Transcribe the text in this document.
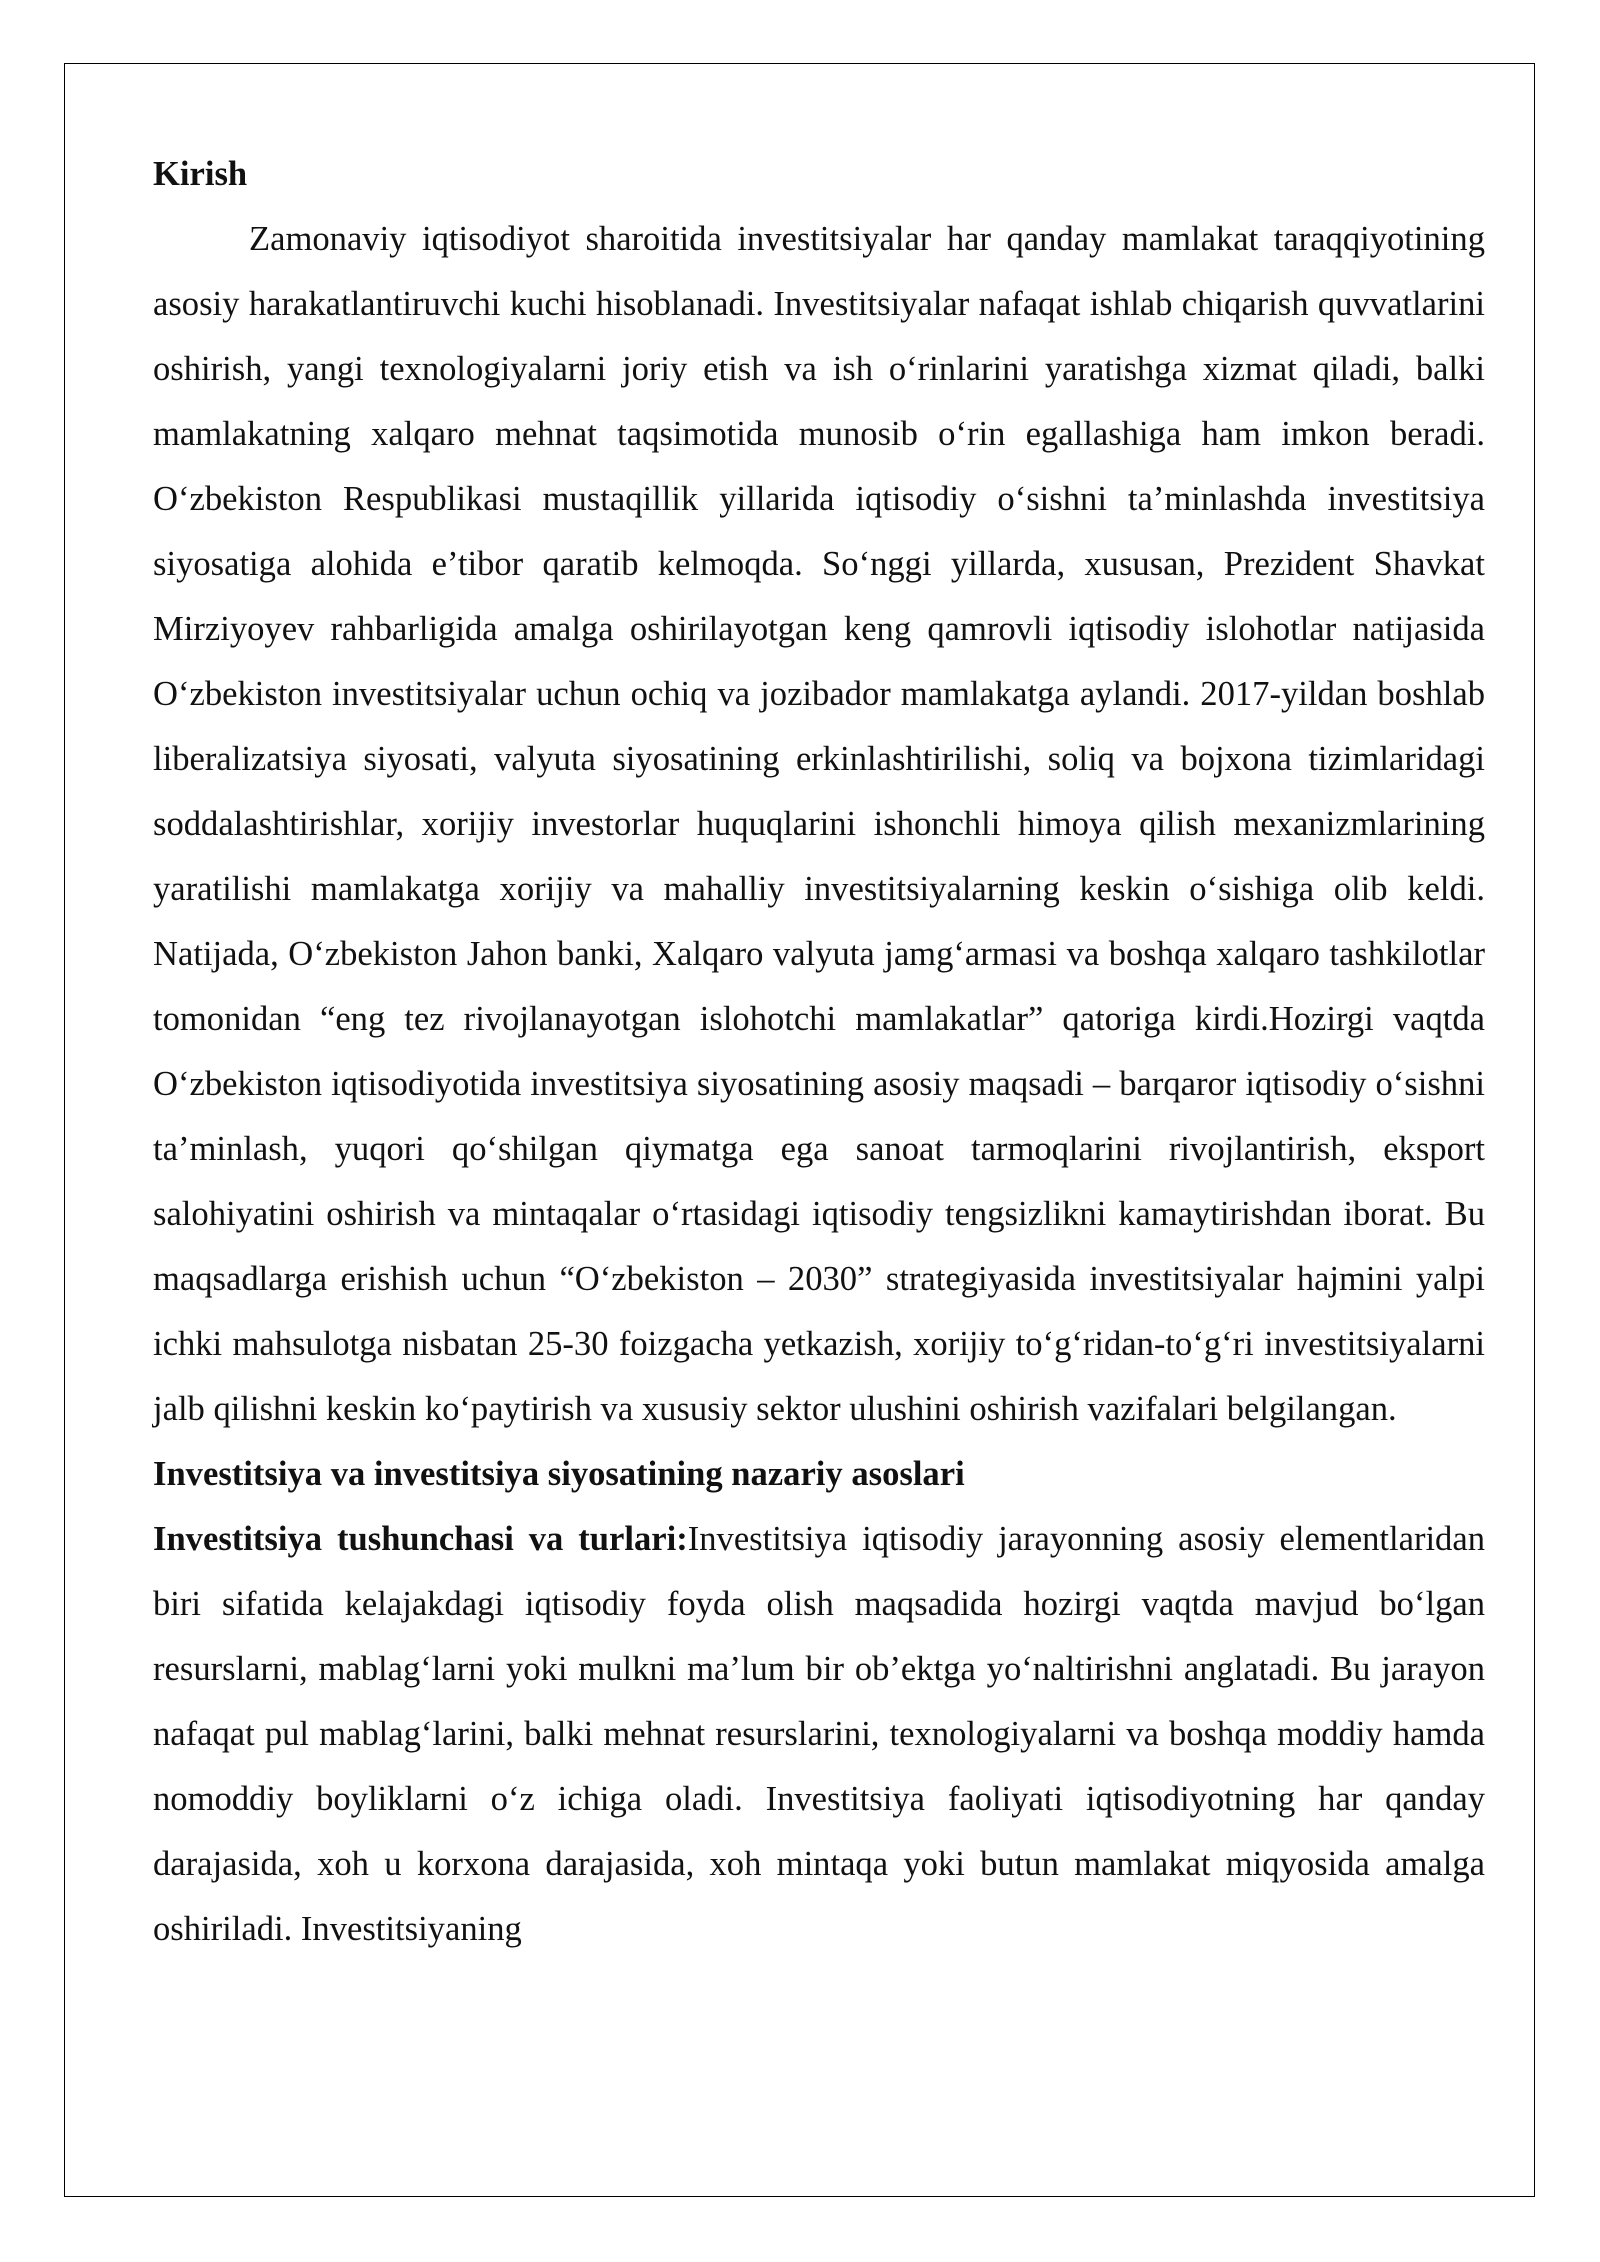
Kirish

Zamonaviy iqtisodiyot sharoitida investitsiyalar har qanday mamlakat taraqqiyotining asosiy harakatlantiruvchi kuchi hisoblanadi. Investitsiyalar nafaqat ishlab chiqarish quvvatlarini oshirish, yangi texnologiyalarni joriy etish va ish o‘rinlarini yaratishga xizmat qiladi, balki mamlakatning xalqaro mehnat taqsimotida munosib o‘rin egallashiga ham imkon beradi. O‘zbekiston Respublikasi mustaqillik yillarida iqtisodiy o‘sishni ta’minlashda investitsiya siyosatiga alohida e’tibor qaratib kelmoqda. So‘nggi yillarda, xususan, Prezident Shavkat Mirziyoyev rahbarligida amalga oshirilayotgan keng qamrovli iqtisodiy islohotlar natijasida O‘zbekiston investitsiyalar uchun ochiq va jozibador mamlakatga aylandi. 2017-yildan boshlab liberalizatsiya siyosati, valyuta siyosatining erkinlashtirilishi, soliq va bojxona tizimlaridagi soddalashtirishlar, xorijiy investorlar huquqlarini ishonchli himoya qilish mexanizmlarining yaratilishi mamlakatga xorijiy va mahalliy investitsiyalarning keskin o‘sishiga olib keldi. Natijada, O‘zbekiston Jahon banki, Xalqaro valyuta jamg‘armasi va boshqa xalqaro tashkilotlar tomonidan “eng tez rivojlanayotgan islohotchi mamlakatlar” qatoriga kirdi.Hozirgi vaqtda O‘zbekiston iqtisodiyotida investitsiya siyosatining asosiy maqsadi – barqaror iqtisodiy o‘sishni ta’minlash, yuqori qo‘shilgan qiymatga ega sanoat tarmoqlarini rivojlantirish, eksport salohiyatini oshirish va mintaqalar o‘rtasidagi iqtisodiy tengsizlikni kamaytirishdan iborat. Bu maqsadlarga erishish uchun “O‘zbekiston – 2030” strategiyasida investitsiyalar hajmini yalpi ichki mahsulotga nisbatan 25-30 foizgacha yetkazish, xorijiy to‘g‘ridan-to‘g‘ri investitsiyalarni jalb qilishni keskin ko‘paytirish va xususiy sektor ulushini oshirish vazifalari belgilangan.

Investitsiya va investitsiya siyosatining nazariy asoslari

Investitsiya tushunchasi va turlari:Investitsiya iqtisodiy jarayonning asosiy elementlaridan biri sifatida kelajakdagi iqtisodiy foyda olish maqsadida hozirgi vaqtda mavjud bo‘lgan resurslarni, mablag‘larni yoki mulkni ma’lum bir ob’ektga yo‘naltirishni anglatadi. Bu jarayon nafaqat pul mablag‘larini, balki mehnat resurslarini, texnologiyalarni va boshqa moddiy hamda nomoddiy boyliklarni o‘z ichiga oladi. Investitsiya faoliyati iqtisodiyotning har qanday darajasida, xoh u korxona darajasida, xoh mintaqa yoki butun mamlakat miqyosida amalga oshiriladi. Investitsiyaning
